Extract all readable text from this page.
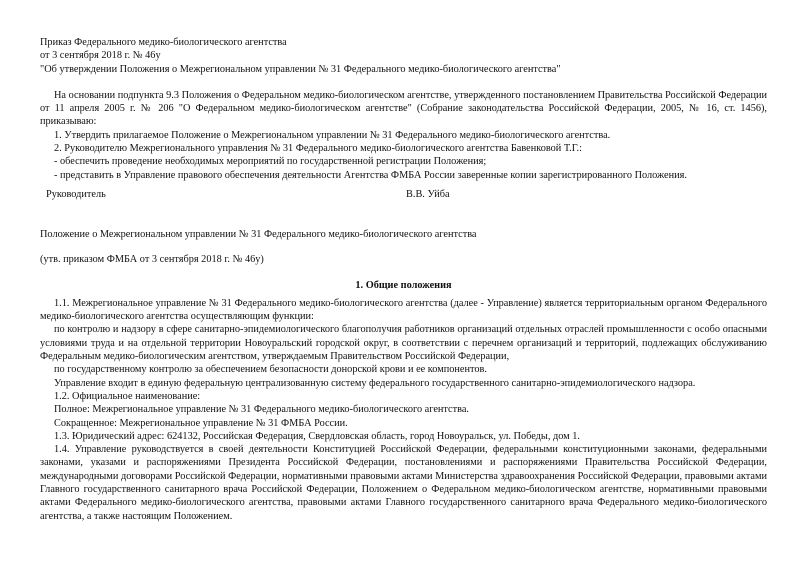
Приказ Федерального медико-биологического агентства
от 3 сентября 2018 г. № 46у
"Об утверждении Положения о Межрегиональном управлении № 31 Федерального медико-биологического агентства"
На основании подпункта 9.3 Положения о Федеральном медико-биологическом агентстве, утвержденного постановлением Правительства Российской Федерации от 11 апреля 2005 г. № 206 "О Федеральном медико-биологическом агентстве" (Собрание законодательства Российской Федерации, 2005, № 16, ст. 1456), приказываю:
1. Утвердить прилагаемое Положение о Межрегиональном управлении № 31 Федерального медико-биологического агентства.
2. Руководителю Межрегионального управления № 31 Федерального медико-биологического агентства Бавенковой Т.Г.:
- обеспечить проведение необходимых мероприятий по государственной регистрации Положения;
- представить в Управление правового обеспечения деятельности Агентства ФМБА России заверенные копии зарегистрированного Положения.
Руководитель	В.В. Уйба
Положение о Межрегиональном управлении № 31 Федерального медико-биологического агентства
(утв. приказом ФМБА от 3 сентября 2018 г. № 46у)
1. Общие положения
1.1. Межрегиональное управление № 31 Федерального медико-биологического агентства (далее - Управление) является территориальным органом Федерального медико-биологического агентства осуществляющим функции:
по контролю и надзору в сфере санитарно-эпидемиологического благополучия работников организаций отдельных отраслей промышленности с особо опасными условиями труда и на отдельной территории Новоуральский городской округ, в соответствии с перечнем организаций и территорий, подлежащих обслуживанию Федеральным медико-биологическим агентством, утверждаемым Правительством Российской Федерации,
по государственному контролю за обеспечением безопасности донорской крови и ее компонентов.
Управление входит в единую федеральную централизованную систему федерального государственного санитарно-эпидемиологического надзора.
1.2. Официальное наименование:
Полное: Межрегиональное управление № 31 Федерального медико-биологического агентства.
Сокращенное: Межрегиональное управление № 31 ФМБА России.
1.3. Юридический адрес: 624132, Российская Федерация, Свердловская область, город Новоуральск, ул. Победы, дом 1.
1.4. Управление руководствуется в своей деятельности Конституцией Российской Федерации, федеральными конституционными законами, федеральными законами, указами и распоряжениями Президента Российской Федерации, постановлениями и распоряжениями Правительства Российской Федерации, международными договорами Российской Федерации, нормативными правовыми актами Министерства здравоохранения Российской Федерации, правовыми актами Главного государственного санитарного врача Российской Федерации, Положением о Федеральном медико-биологическом агентстве, нормативными правовыми актами Федерального медико-биологического агентства, правовыми актами Главного государственного санитарного врача Федерального медико-биологического агентства, а также настоящим Положением.
